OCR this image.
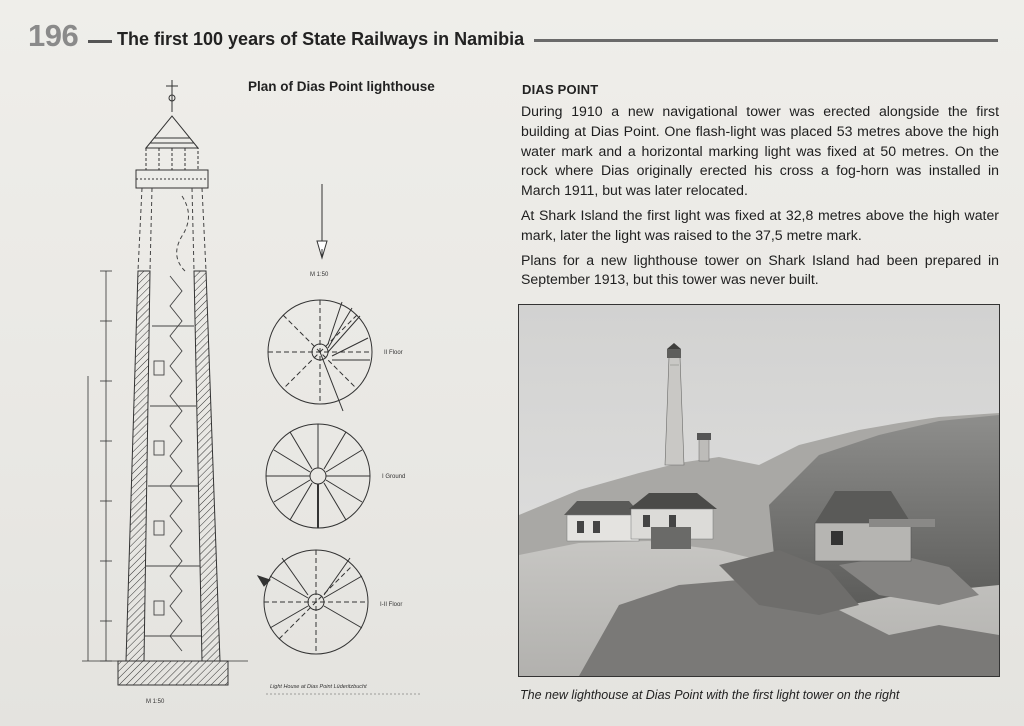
196 The first 100 years of State Railways in Namibia
Plan of Dias Point lighthouse
M 1:50
M 1:50
II Floor
I Ground
I-II Floor
Light House at Dias Point Lüderitzbucht
DIAS POINT

During 1910 a new navigational tower was erected alongside the first building at Dias Point. One flash-light was placed 53 metres above the high water mark and a horizontal marking light was fixed at 50 metres. On the rock where Dias originally erected his cross a fog-horn was installed in March 1911, but was later relocated.

At Shark Island the first light was fixed at 32,8 metres above the high water mark, later the light was raised to the 37,5 metre mark.

Plans for a new lighthouse tower on Shark Island had been prepared in September 1913, but this tower was never built.

The new lighthouse at Dias Point with the first light tower on the right
